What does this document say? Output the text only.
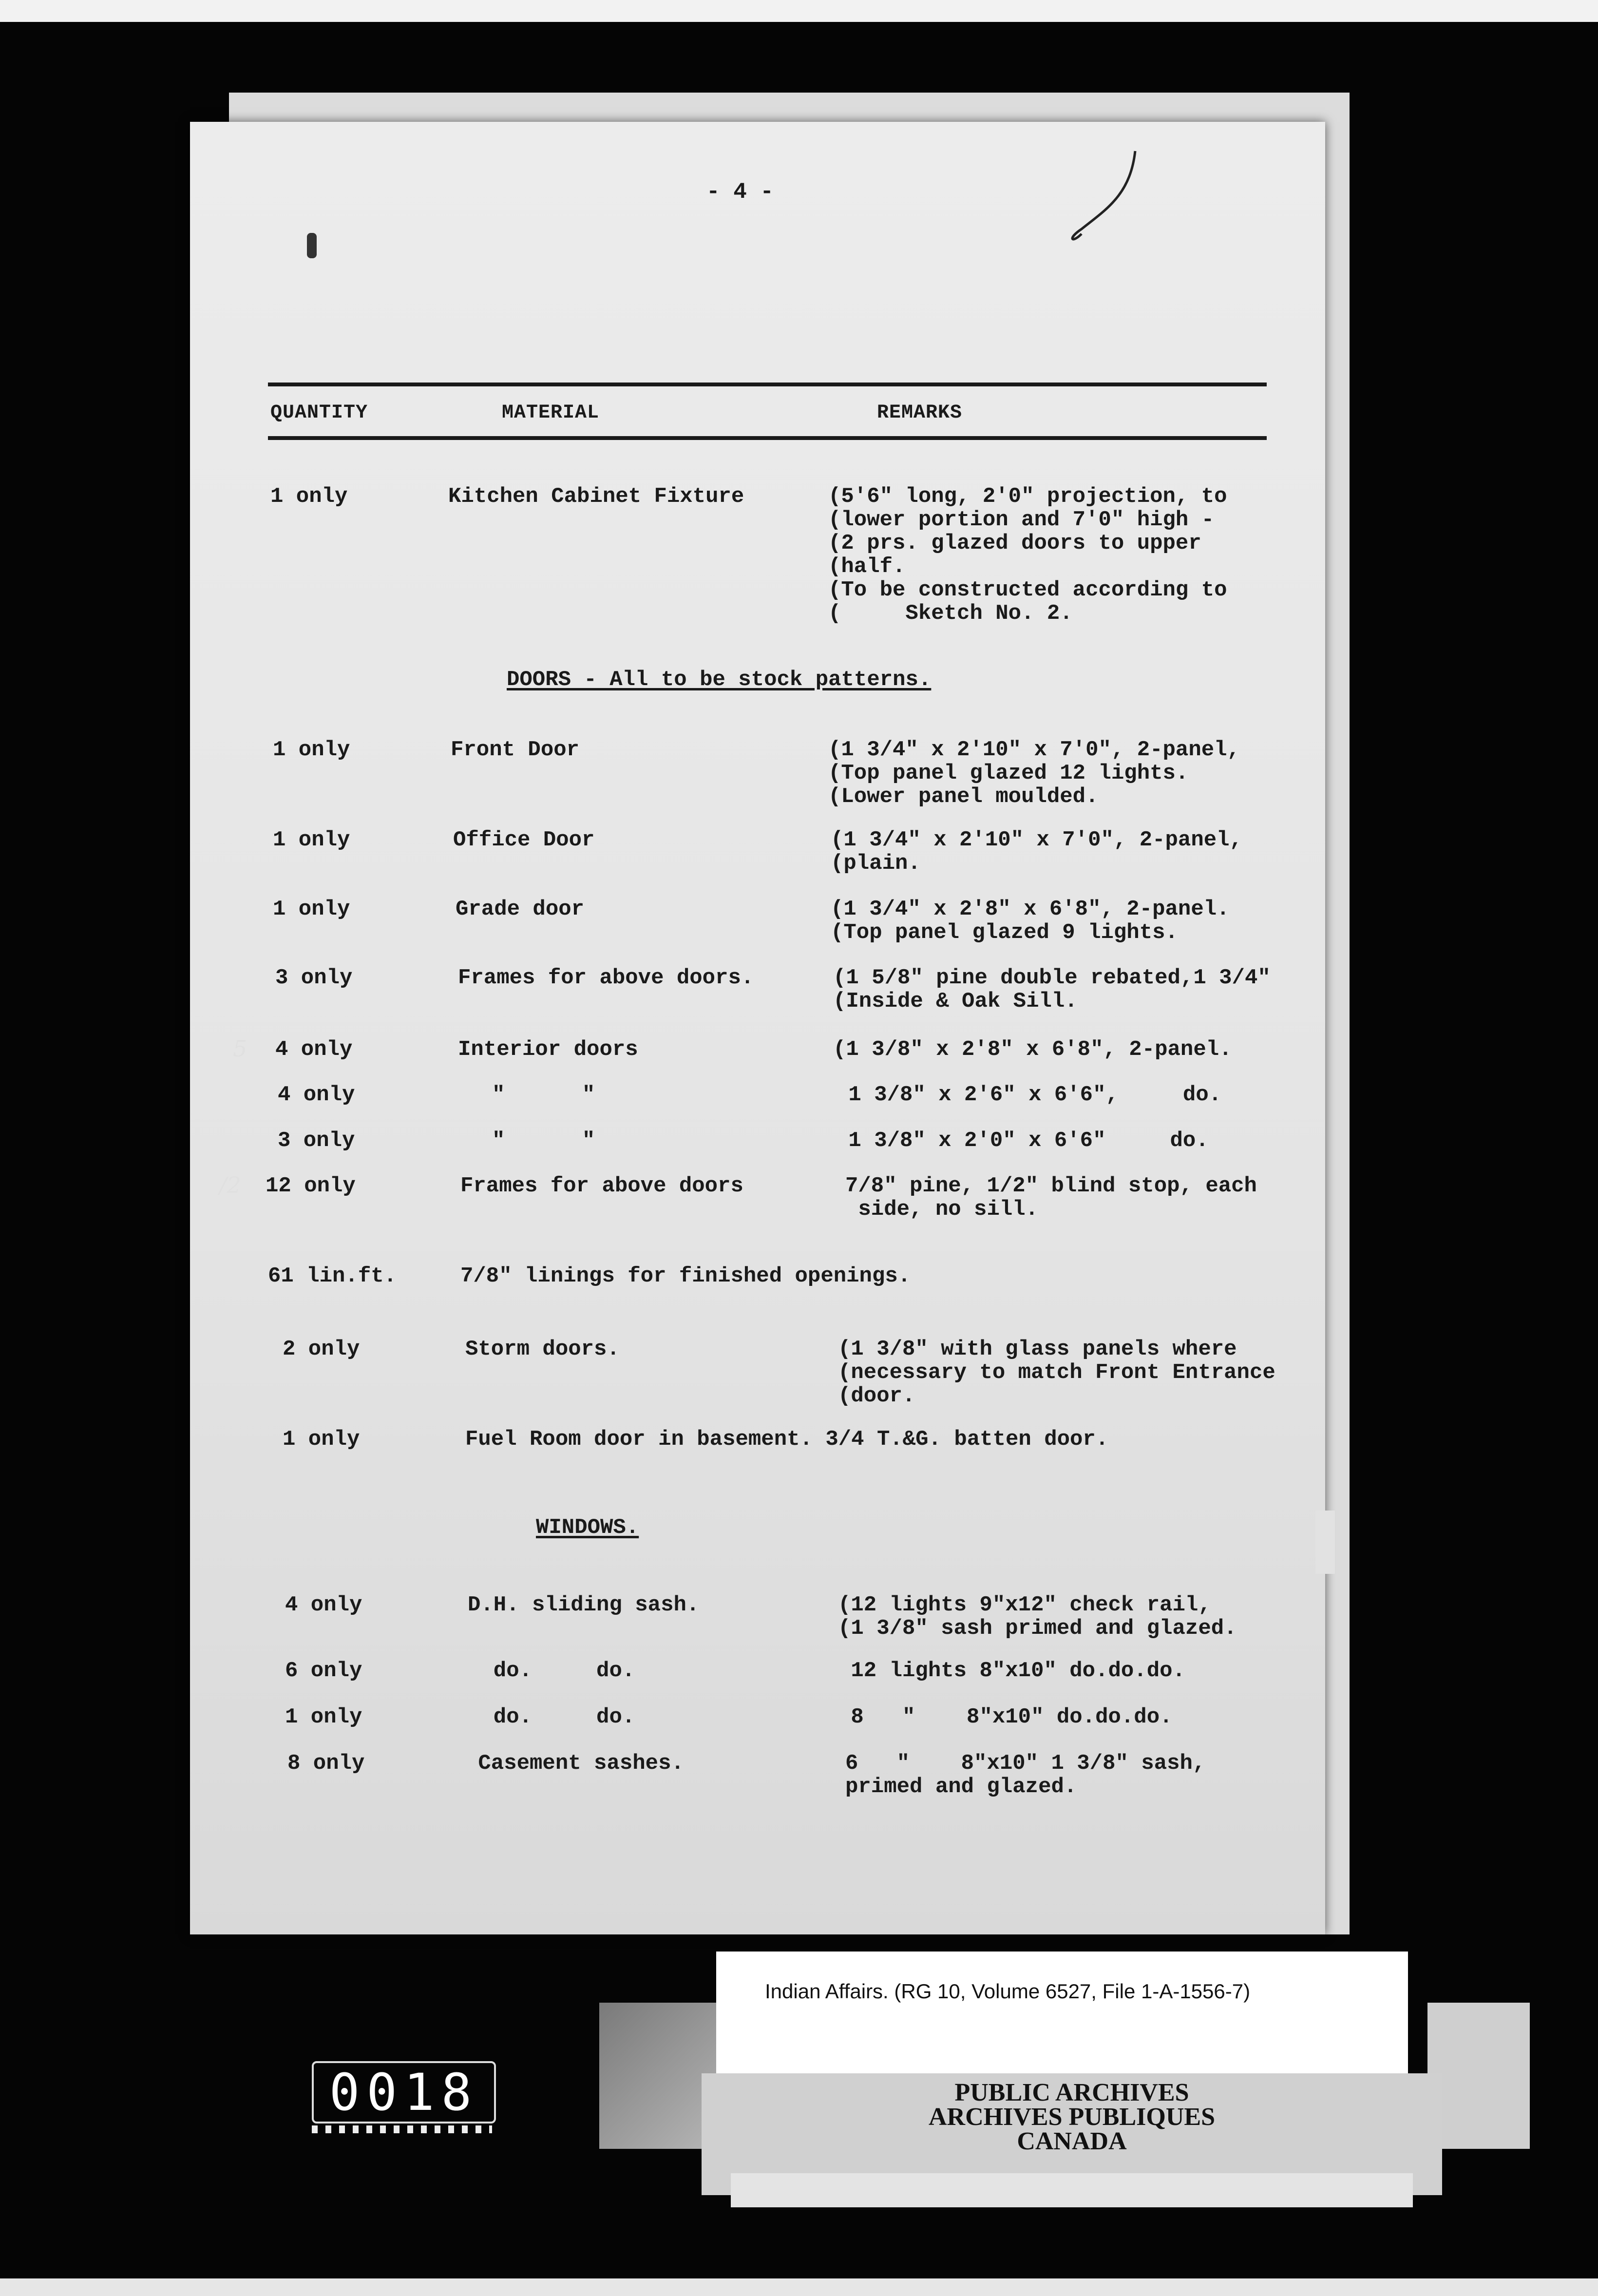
- 4 -
QUANTITY	MATERIAL	REMARKS
1 only	Kitchen Cabinet Fixture	(5'6" long, 2'0" projection, to
(lower portion and 7'0" high -
(2 prs. glazed doors to upper
(half.
(To be constructed according to
(     Sketch No. 2.
DOORS - All to be stock patterns.
1 only	Front Door	(1 3/4" x 2'10" x 7'0", 2-panel,
(Top panel glazed 12 lights.
(Lower panel moulded.
1 only	Office Door	(1 3/4" x 2'10" x 7'0", 2-panel,
(plain.
1 only	Grade door	(1 3/4" x 2'8" x 6'8", 2-panel.
(Top panel glazed 9 lights.
3 only	Frames for above doors.	(1 5/8" pine double rebated,1 3/4"
(Inside & Oak Sill.
4 only	Interior doors	(1 3/8" x 2'8" x 6'8", 2-panel.
4 only	"      "	1 3/8" x 2'6" x 6'6",     do.
3 only	"      "	1 3/8" x 2'0" x 6'6"     do.
12 only	Frames for above doors	7/8" pine, 1/2" blind stop, each
side, no sill.
61 lin.ft.	7/8" linings for finished openings.
2 only	Storm doors.	(1 3/8" with glass panels where
(necessary to match Front Entrance
(door.
1 only	Fuel Room door in basement. 3/4 T.&G. batten door.
WINDOWS.
4 only	D.H. sliding sash.	(12 lights 9"x12" check rail,
(1 3/8" sash primed and glazed.
6 only	do.     do.	12 lights 8"x10" do.do.do.
1 only	do.     do.	8   "    8"x10" do.do.do.
8 only	Casement sashes.	6   "    8"x10" 1 3/8" sash,
primed and glazed.
5
/2
Indian Affairs. (RG 10, Volume 6527, File 1-A-1556-7)
PUBLIC ARCHIVES
ARCHIVES PUBLIQUES
CANADA
0018
